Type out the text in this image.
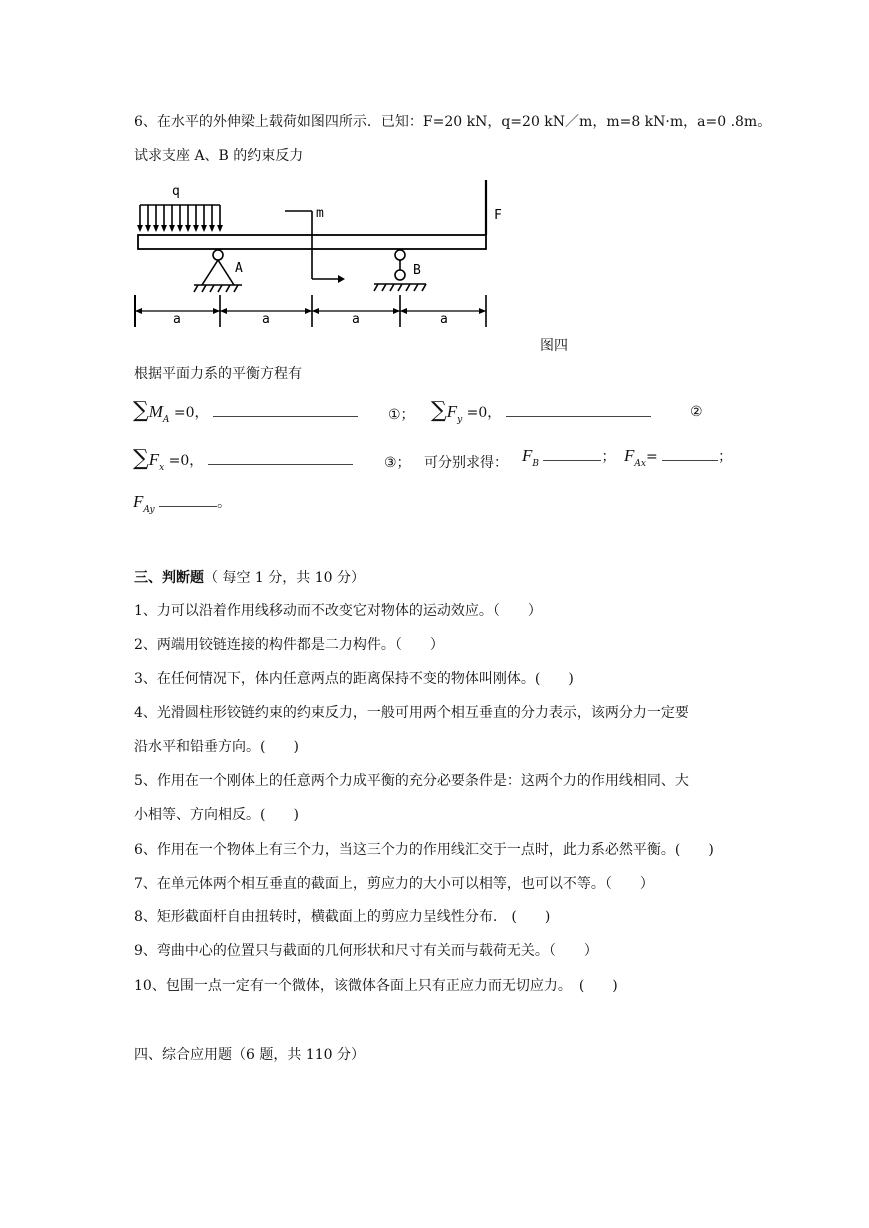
6、在水平的外伸梁上载荷如图四所示．已知：F=20 kN，q=20 kN／m，m=8 kN·m，a=0 .8m。
试求支座 A、B 的约束反力
q
m	F
A	B
a	a	a	a
图四
根据平面力系的平衡方程有
$\sum M_A =0$，	①； $\sum F_y =0$，	②
$\sum F_x =0$，	③； 可分别求得： $F_B$	； $F_{Ax}=$	；
$F_{Ay}$	。
三、判断题（ 每空 1 分，共 10 分）
1、力可以沿着作用线移动而不改变它对物体的运动效应。（　　）
2、两端用铰链连接的构件都是二力构件。（　　）
3、在任何情况下，体内任意两点的距离保持不变的物体叫刚体。(　　)
4、光滑圆柱形铰链约束的约束反力，一般可用两个相互垂直的分力表示，该两分力一定要
沿水平和铅垂方向。(　　)
5、作用在一个刚体上的任意两个力成平衡的充分必要条件是：这两个力的作用线相同、大
小相等、方向相反。(　　)
6、作用在一个物体上有三个力，当这三个力的作用线汇交于一点时，此力系必然平衡。(　　)
7、在单元体两个相互垂直的截面上，剪应力的大小可以相等，也可以不等。（　　）
8、矩形截面杆自由扭转时，横截面上的剪应力呈线性分布.　(　　)
9、弯曲中心的位置只与截面的几何形状和尺寸有关而与载荷无关。（　　）
10、包围一点一定有一个微体，该微体各面上只有正应力而无切应力。　(　　)
四、综合应用题（6 题，共 110 分）
